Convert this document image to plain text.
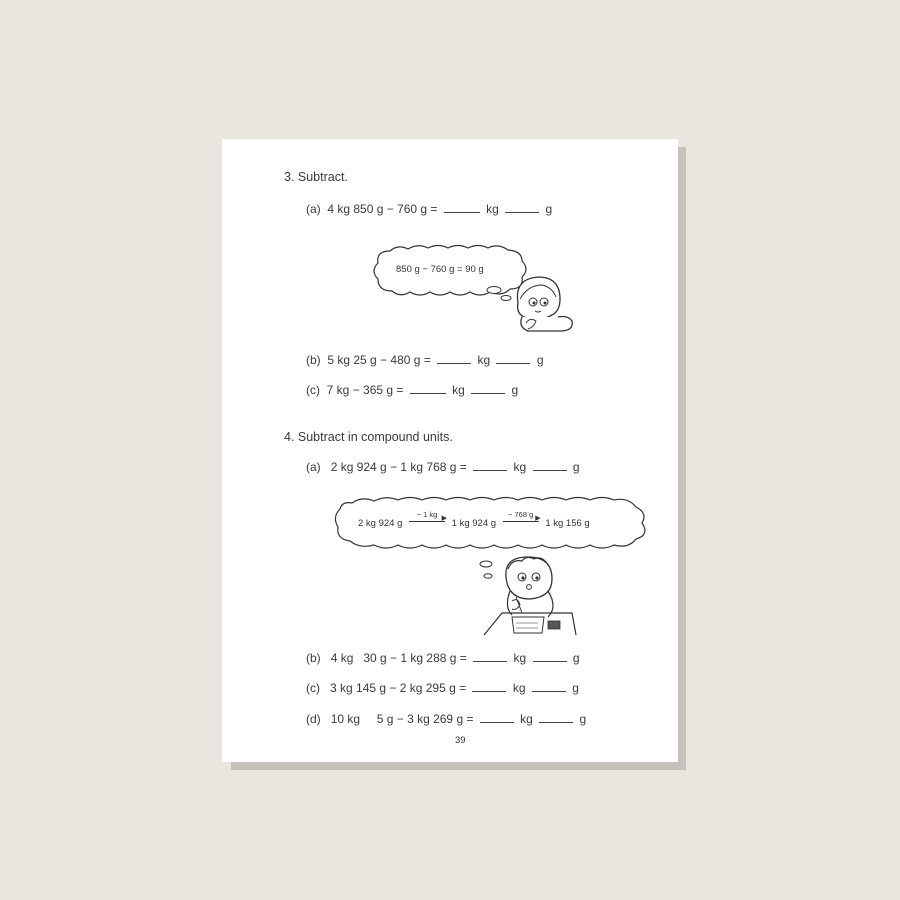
3. Subtract.
(a) 4 kg 850 g − 760 g =	kg	g
850 g − 760 g = 90 g
(b) 5 kg 25 g − 480 g =	kg	g
(c) 7 kg − 365 g =	kg	g
4. Subtract in compound units.
(a) 2 kg 924 g − 1 kg 768 g =	kg	g
2 kg 924 g
− 1 kg ▶ 1 kg 924 g
− 768 g ▶ 1 kg 156 g
(b) 4 kg   30 g − 1 kg 288 g =	kg	g
(c) 3 kg 145 g − 2 kg 295 g =	kg	g
(d) 10 kg     5 g − 3 kg 269 g =	kg	g
39
